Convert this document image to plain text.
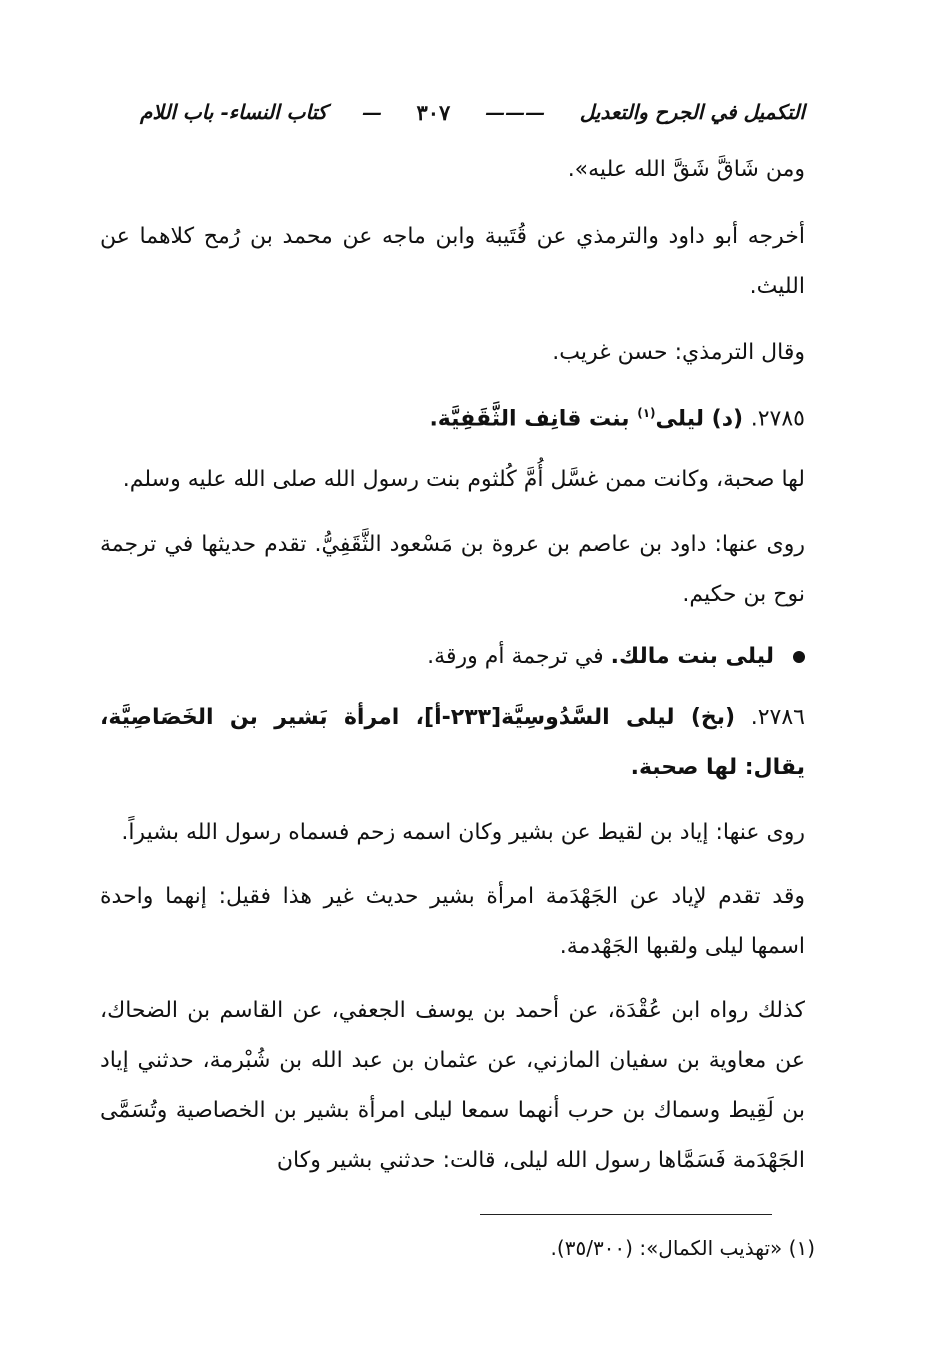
التكميل في الجرح والتعديل
———
٣٠٧
—
كتاب النساء- باب اللام

ومن شَاقَّ شَقَّ الله عليه».

أخرجه أبو داود والترمذي عن قُتَيبة وابن ماجه عن محمد بن رُمح كلاهما عن الليث.

وقال الترمذي: حسن غريب.

٢٧٨٥. (د) ليلى$^{(١)}$ بنت قانِف الثَّقَفِيَّة.

لها صحبة، وكانت ممن غسَّل أُمَّ كُلثوم بنت رسول الله صلى الله عليه وسلم.

روى عنها: داود بن عاصم بن عروة بن مَسْعود الثَّقَفِيُّ. تقدم حديثها في ترجمة نوح بن حكيم.

ليلى بنت مالك. في ترجمة أم ورقة.

٢٧٨٦. (بخ) ليلى السَّدُوسِيَّة[٢٣٣-أ]، امرأة بَشير بن الخَصَاصِيَّة، يقال: لها صحبة.

روى عنها: إياد بن لقيط عن بشير وكان اسمه زحم فسماه رسول الله بشيراً.

وقد تقدم لإياد عن الجَهْدَمة امرأة بشير حديث غير هذا فقيل: إنهما واحدة اسمها ليلى ولقبها الجَهْدمة.

كذلك رواه ابن عُقْدَة، عن أحمد بن يوسف الجعفي، عن القاسم بن الضحاك، عن معاوية بن سفيان المازني، عن عثمان بن عبد الله بن شُبْرمة، حدثني إياد بن لَقِيط وسماك بن حرب أنهما سمعا ليلى امرأة بشير بن الخصاصية وتُسَمَّى الجَهْدَمة فَسَمَّاها رسول الله ليلى، قالت: حدثني بشير وكان

(١) «تهذيب الكمال»: (٣٥/٣٠٠).
